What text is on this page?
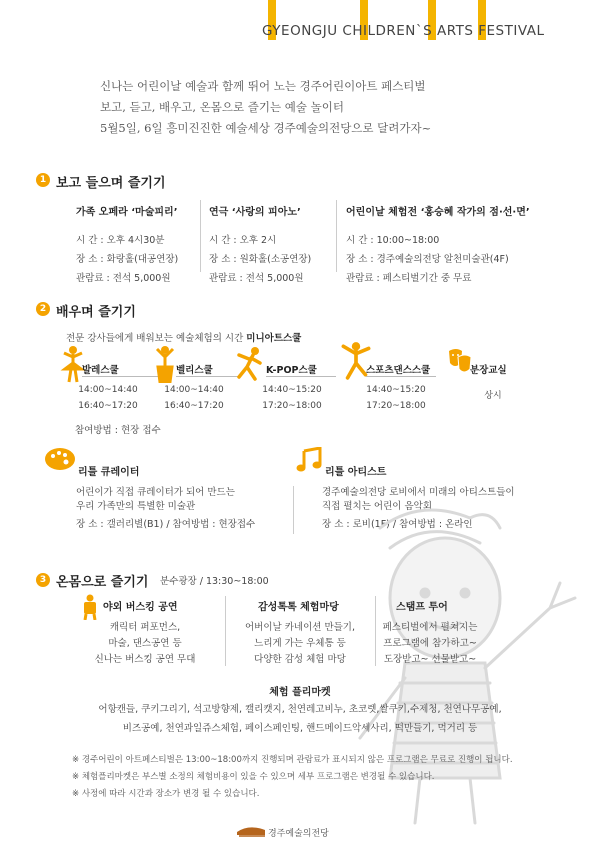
GYEONGJU CHILDREN`S ARTS FESTIVAL
신나는 어린이날 예술과 함께 뛰어 노는 경주어린이아트 페스티벌
보고, 듣고, 배우고, 온몸으로 즐기는 예술 놀이터
5월5일, 6일 흥미진진한 예술세상 경주예술의전당으로 달려가자~
1 보고 들으며 즐기기
가족 오페라 ‘마술피리’
시 간 : 오후 4시30분
장 소 : 화랑홀(대공연장)
관람료 : 전석 5,000원
연극 ‘사랑의 피아노’
시 간 : 오후 2시
장 소 : 원화홀(소공연장)
관람료 : 전석 5,000원
어린이날 체험전 ‘홍승혜 작가의 점·선·면’
시 간 : 10:00~18:00
장 소 : 경주예술의전당 알천미술관(4F)
관람료 : 페스티벌기간 중 무료
2 배우며 즐기기
전문 강사들에게 배워보는 예술체험의 시간 미니아트스쿨
발레스쿨
14:00~14:40
16:40~17:20
벨리스쿨
14:00~14:40
16:40~17:20
K-POP스쿨
14:40~15:20
17:20~18:00
스포츠댄스스쿨
14:40~15:20
17:20~18:00
분장교실
상시
참여방법 : 현장 접수
리틀 큐레이터
어린이가 직접 큐레이터가 되어 만드는
우리 가족만의 특별한 미술관
장 소 : 갤러리별(B1) / 참여방법 : 현장접수
리틀 아티스트
경주예술의전당 로비에서 미래의 아티스트들이
직접 펼치는 어린이 음악회
장 소 : 로비(1F) / 참여방법 : 온라인
3 온몸으로 즐기기 분수광장 / 13:30~18:00
야외 버스킹 공연
캐릭터 퍼포먼스,
마술, 댄스공연 등
신나는 버스킹 공연 무대
감성톡톡 체험마당
어버이날 카네이션 만들기,
느리게 가는 우체통 등
다양한 감성 체험 마당
스탬프 투어
페스티벌에서 펼쳐지는
프로그램에 참가하고~
도장받고~ 선물받고~
체험 플리마켓
어항캔들, 쿠키그리기, 석고방향제, 캘리캣지, 천연레고비누, 초코렛,쌀쿠키,수제청, 천연나무공예,
비즈공예, 천연과일쥬스체험, 페이스페인팅, 핸드메이드악세사리, 떡만들기, 먹거리 등
※ 경주어린이 아트페스티벌은 13:00~18:00까지 진행되며 관람료가 표시되지 않은 프로그램은 무료로 진행이 됩니다.
※ 체험플리마켓은 부스별 소정의 체험비용이 있을 수 있으며 세부 프로그램은 변경될 수 있습니다.
※ 사정에 따라 시간과 장소가 변경 될 수 있습니다.
경주예술의전당
